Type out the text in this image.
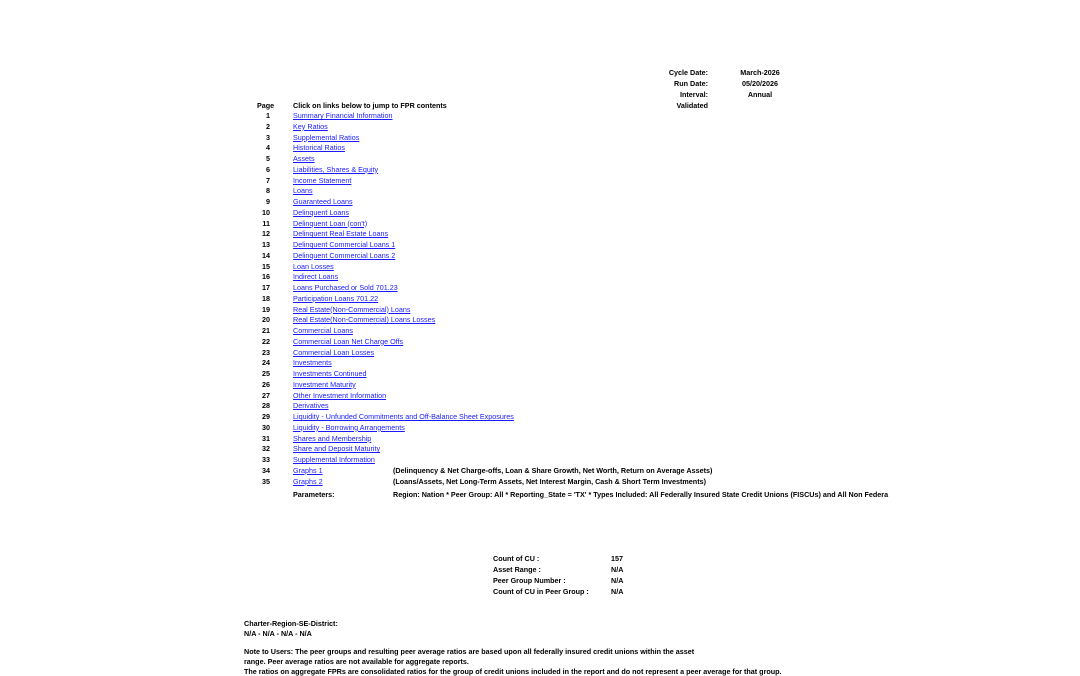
Cycle Date:	March-2026
Run Date:	05/20/2026
Interval:	Annual
Validated
Page	Click on links below to jump to FPR contents
1	Summary Financial Information
2	Key Ratios
3	Supplemental Ratios
4	Historical Ratios
5	Assets
6	Liabilities, Shares & Equity
7	Income Statement
8	Loans
9	Guaranteed Loans
10	Delinquent Loans
11	Delinquent Loan (con't)
12	Delinquent Real Estate Loans
13	Delinquent Commercial Loans 1
14	Delinquent Commercial Loans 2
15	Loan Losses
16	Indirect Loans
17	Loans Purchased or Sold 701.23
18	Participation Loans 701.22
19	Real Estate(Non-Commercial) Loans
20	Real Estate(Non-Commercial) Loans Losses
21	Commercial Loans
22	Commercial Loan Net Charge Offs
23	Commercial Loan Losses
24	Investments
25	Investments Continued
26	Investment Maturity
27	Other Investment Information
28	Derivatives
29	Liquidity - Unfunded Commitments and Off-Balance Sheet Exposures
30	Liquidity - Borrowing Arrangements
31	Shares and Membership
32	Share and Deposit Maturity
33	Supplemental Information
34	Graphs 1	(Delinquency & Net Charge-offs, Loan & Share Growth, Net Worth, Return on Average Assets)
35	Graphs 2	(Loans/Assets, Net Long-Term Assets, Net Interest Margin, Cash & Short Term Investments)
Parameters:	Region: Nation * Peer Group: All * Reporting_State = 'TX' * Types Included: All Federally Insured State Credit Unions (FISCUs) and All Non Federa
Count of CU :	157
Asset Range :	N/A
Peer Group Number :	N/A
Count of CU in Peer Group :	N/A
Charter-Region-SE-District:
N/A - N/A - N/A - N/A
Note to Users: The peer groups and resulting peer average ratios are based upon all federally insured credit unions within the asset
range. Peer average ratios are not available for aggregate reports.
The ratios on aggregate FPRs are consolidated ratios for the group of credit unions included in the report and do not represent a peer average for that group.
